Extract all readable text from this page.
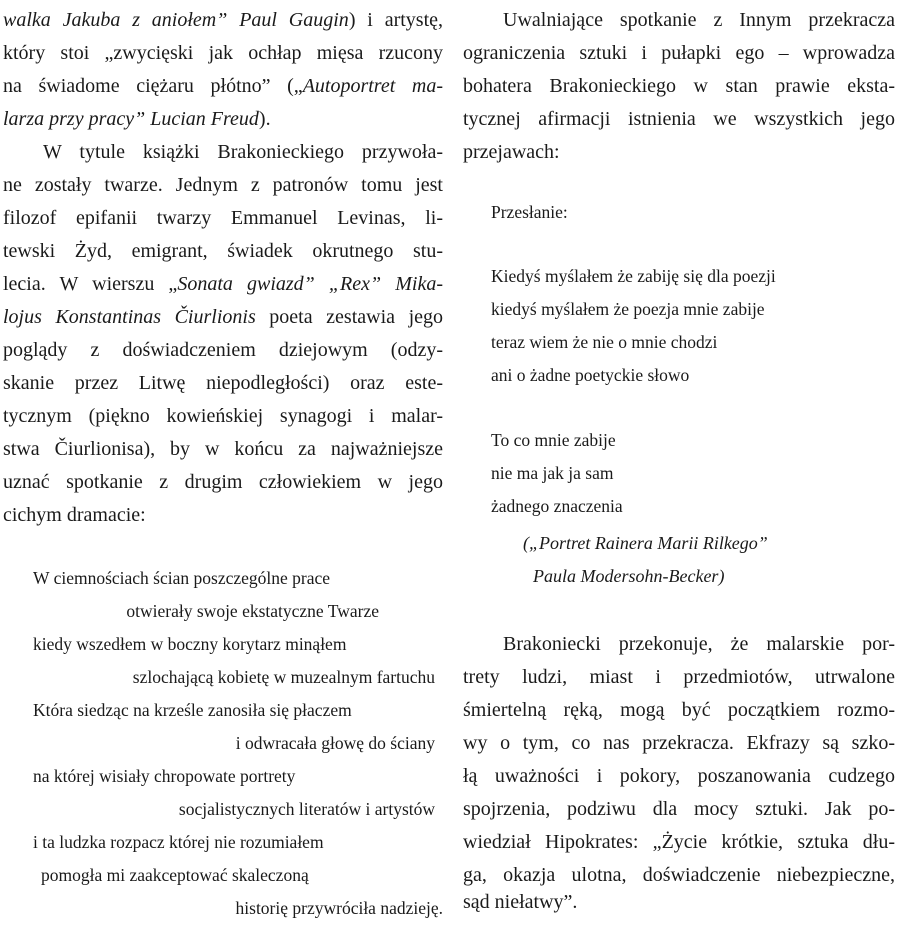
walka Jakuba z aniołem” Paul Gaugin) i artystę,
który stoi „zwycięski jak ochłap mięsa rzucony
na świadome ciężaru płótno” („Autoportret ma-
larza przy pracy” Lucian Freud).
W tytule książki Brakonieckiego przywoła-
ne zostały twarze. Jednym z patronów tomu jest
filozof epifanii twarzy Emmanuel Levinas, li-
tewski Żyd, emigrant, świadek okrutnego stu-
lecia. W wierszu „Sonata gwiazd” „Rex” Mika-
lojus Konstantinas Čiurlionis poeta zestawia jego
poglądy z doświadczeniem dziejowym (odzy-
skanie przez Litwę niepodległości) oraz este-
tycznym (piękno kowieńskiej synagogi i malar-
stwa Čiurlionisa), by w końcu za najważniejsze
uznać spotkanie z drugim człowiekiem w jego
cichym dramacie:
W ciemnościach ścian poszczególne prace
otwierały swoje ekstatyczne Twarze
kiedy wszedłem w boczny korytarz minąłem
szlochającą kobietę w muzealnym fartuchu
Która siedząc na krześle zanosiła się płaczem
i odwracała głowę do ściany
na której wisiały chropowate portrety
socjalistycznych literatów i artystów
i ta ludzka rozpacz której nie rozumiałem
pomogła mi zaakceptować skaleczoną
historię przywróciła nadzieję.
Uwalniające spotkanie z Innym przekracza
ograniczenia sztuki i pułapki ego – wprowadza
bohatera Brakonieckiego w stan prawie ekstа-
tycznej afirmacji istnienia we wszystkich jego
przejawach:
Przesłanie:
Kiedyś myślałem że zabiję się dla poezji
kiedyś myślałem że poezja mnie zabije
teraz wiem że nie o mnie chodzi
ani o żadne poetyckie słowo
To co mnie zabije
nie ma jak ja sam
żadnego znaczenia
(„Portret Rainera Marii Rilkego”
Paula Modersohn-Becker)
Brakoniecki przekonuje, że malarskie por-
trety ludzi, miast i przedmiotów, utrwalone
śmiertelną ręką, mogą być początkiem rozmo-
wy o tym, co nas przekracza. Ekfrazy są szko-
łą uważności i pokory, poszanowania cudzego
spojrzenia, podziwu dla mocy sztuki. Jak po-
wiedział Hipokrates: „Życie krótkie, sztuka dłu-
ga, okazja ulotna, doświadczenie niebezpieczne,
sąd niełatwy”.
